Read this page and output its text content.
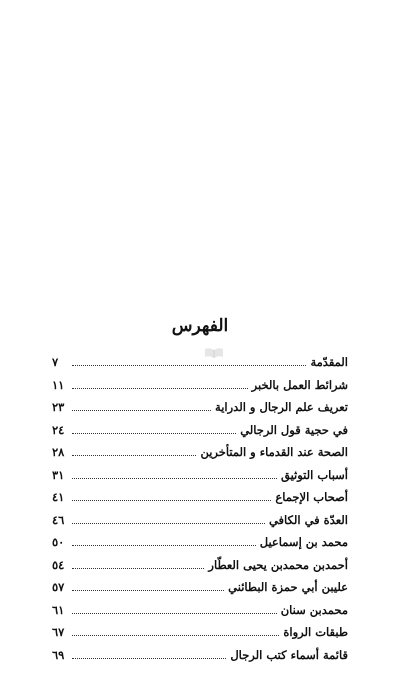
الفهرس
المقدّمة
٧
شرائط العمل بالخبر
١١
تعريف علم الرجال و الدراية
٢٣
في حجية قول الرجالي
٢٤
الصحة عند القدماء و المتأخرين
٢٨
أسباب التوثيق
٣١
أصحاب الإجماع
٤١
العدّة في الكافي
٤٦
محمد بن إسماعيل
٥٠
أحمدبن محمدبن يحيى العطّار
٥٤
عليبن أبي حمزة البطائني
٥٧
محمدبن سنان
٦١
طبقات الرواة
٦٧
قائمة أسماء كتب الرجال
٦٩
